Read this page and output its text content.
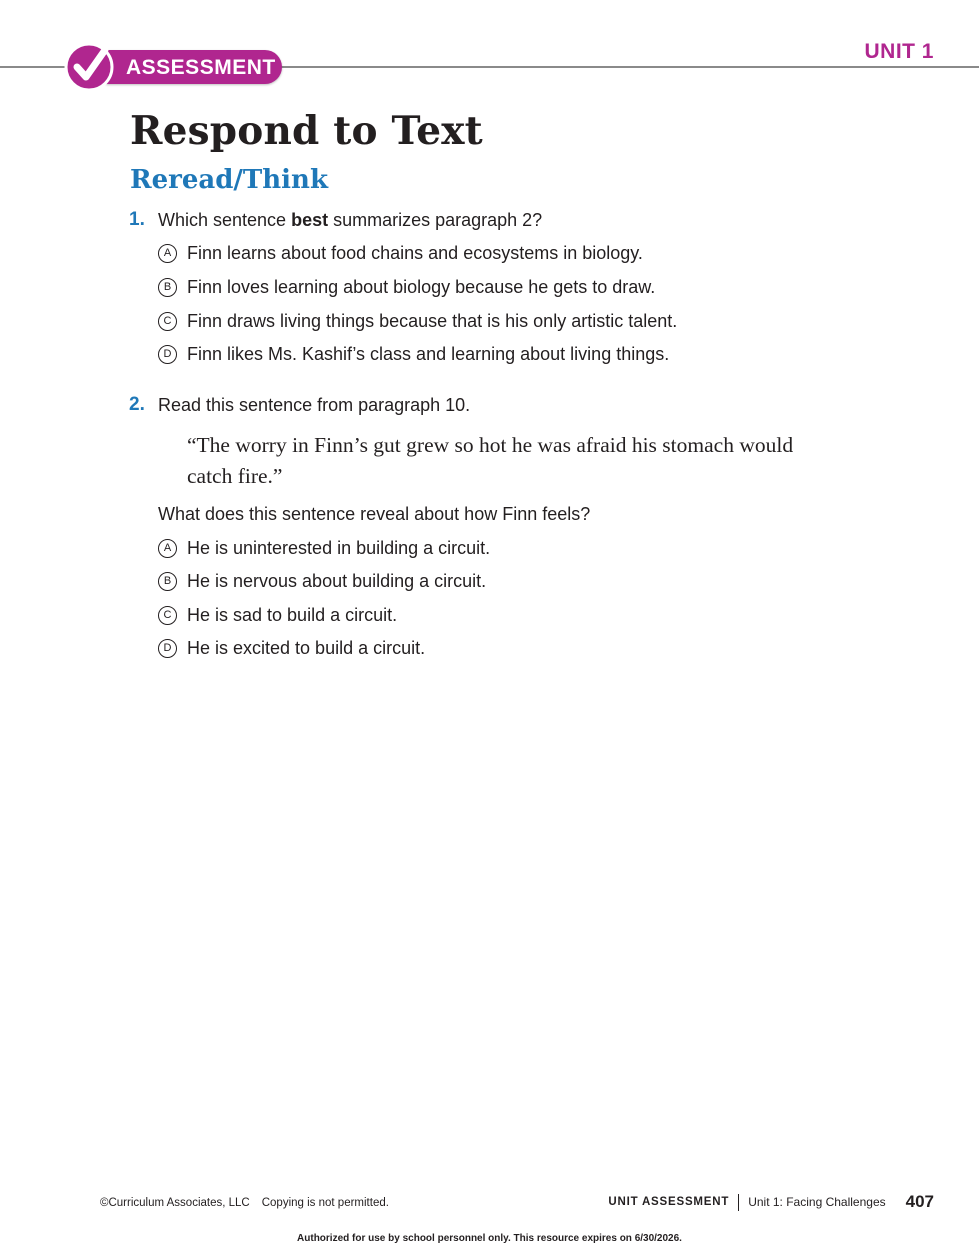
ASSESSMENT
UNIT 1
Respond to Text
Reread/Think
1. Which sentence best summarizes paragraph 2?
A Finn learns about food chains and ecosystems in biology.
B Finn loves learning about biology because he gets to draw.
C Finn draws living things because that is his only artistic talent.
D Finn likes Ms. Kashif’s class and learning about living things.
2. Read this sentence from paragraph 10.
“The worry in Finn’s gut grew so hot he was afraid his stomach would catch fire.”
What does this sentence reveal about how Finn feels?
A He is uninterested in building a circuit.
B He is nervous about building a circuit.
C He is sad to build a circuit.
D He is excited to build a circuit.
©Curriculum Associates, LLC Copying is not permitted.	UNIT ASSESSMENT Unit 1: Facing Challenges 407
Authorized for use by school personnel only. This resource expires on 6/30/2026.
